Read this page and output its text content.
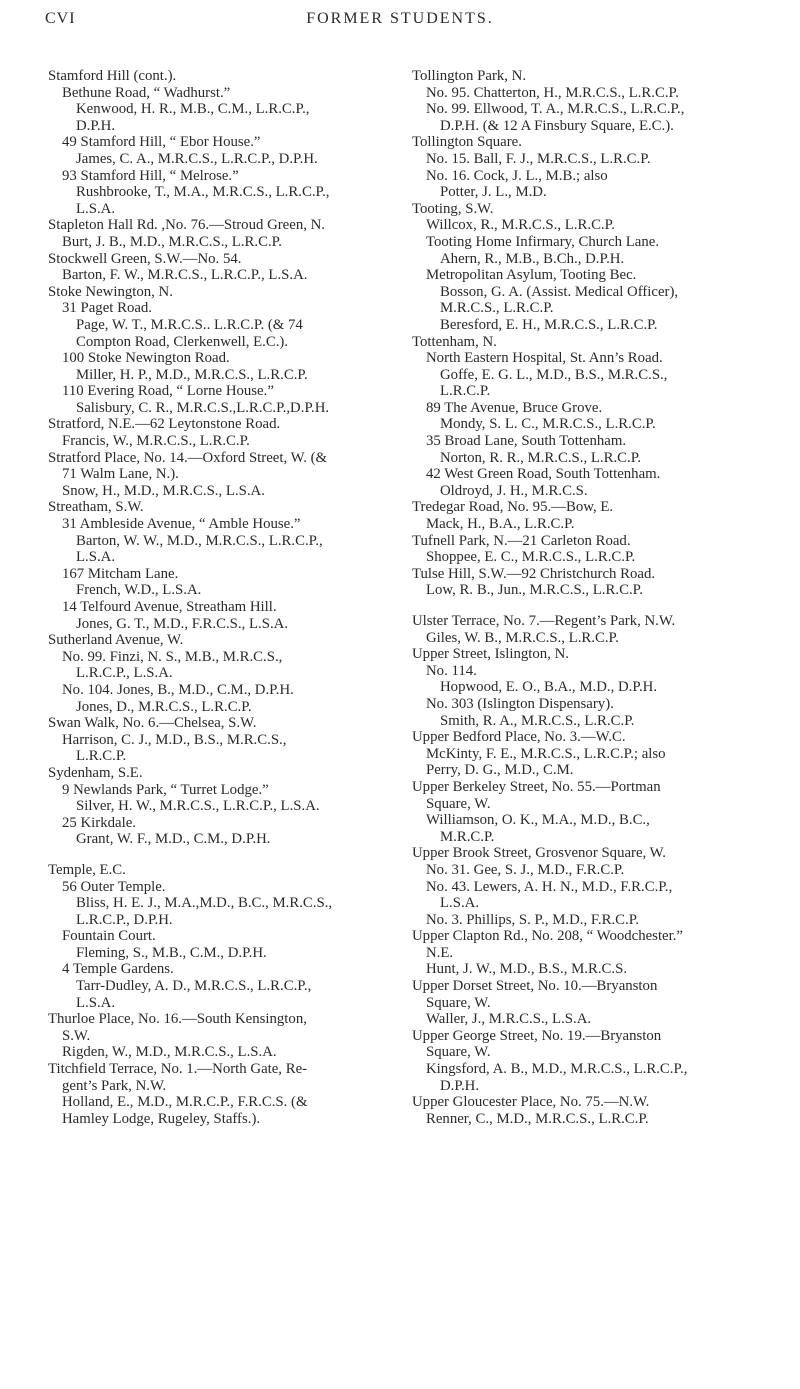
FORMER STUDENTS.
CVI
Stamford Hill (cont.).
Bethune Road, “ Wadhurst.”
Kenwood, H. R., M.B., C.M., L.R.C.P.,
D.P.H.
49 Stamford Hill, “ Ebor House.”
James, C. A., M.R.C.S., L.R.C.P., D.P.H.
93 Stamford Hill, “ Melrose.”
Rushbrooke, T., M.A., M.R.C.S., L.R.C.P.,
L.S.A.
Stapleton Hall Rd. ,No. 76.—Stroud Green, N.
Burt, J. B., M.D., M.R.C.S., L.R.C.P.
Stockwell Green, S.W.—No. 54.
Barton, F. W., M.R.C.S., L.R.C.P., L.S.A.
Stoke Newington, N.
31 Paget Road.
Page, W. T., M.R.C.S.. L.R.C.P. (& 74
Compton Road, Clerkenwell, E.C.).
100 Stoke Newington Road.
Miller, H. P., M.D., M.R.C.S., L.R.C.P.
110 Evering Road, “ Lorne House.”
Salisbury, C. R., M.R.C.S.,L.R.C.P.,D.P.H.
Stratford, N.E.—62 Leytonstone Road.
Francis, W., M.R.C.S., L.R.C.P.
Stratford Place, No. 14.—Oxford Street, W. (&
71 Walm Lane, N.).
Snow, H., M.D., M.R.C.S., L.S.A.
Streatham, S.W.
31 Ambleside Avenue, “ Amble House.”
Barton, W. W., M.D., M.R.C.S., L.R.C.P.,
L.S.A.
167 Mitcham Lane.
French, W.D., L.S.A.
14 Telfourd Avenue, Streatham Hill.
Jones, G. T., M.D., F.R.C.S., L.S.A.
Sutherland Avenue, W.
No. 99. Finzi, N. S., M.B., M.R.C.S.,
L.R.C.P., L.S.A.
No. 104. Jones, B., M.D., C.M., D.P.H.
Jones, D., M.R.C.S., L.R.C.P.
Swan Walk, No. 6.—Chelsea, S.W.
Harrison, C. J., M.D., B.S., M.R.C.S.,
L.R.C.P.
Sydenham, S.E.
9 Newlands Park, “ Turret Lodge.”
Silver, H. W., M.R.C.S., L.R.C.P., L.S.A.
25 Kirkdale.
Grant, W. F., M.D., C.M., D.P.H.
Temple, E.C.
56 Outer Temple.
Bliss, H. E. J., M.A.,M.D., B.C., M.R.C.S.,
L.R.C.P., D.P.H.
Fountain Court.
Fleming, S., M.B., C.M., D.P.H.
4 Temple Gardens.
Tarr-Dudley, A. D., M.R.C.S., L.R.C.P.,
L.S.A.
Thurloe Place, No. 16.—South Kensington,
S.W.
Rigden, W., M.D., M.R.C.S., L.S.A.
Titchfield Terrace, No. 1.—North Gate, Re-
gent’s Park, N.W.
Holland, E., M.D., M.R.C.P., F.R.C.S. (&
Hamley Lodge, Rugeley, Staffs.).
Tollington Park, N.
No. 95. Chatterton, H., M.R.C.S., L.R.C.P.
No. 99. Ellwood, T. A., M.R.C.S., L.R.C.P.,
D.P.H. (& 12 A Finsbury Square, E.C.).
Tollington Square.
No. 15. Ball, F. J., M.R.C.S., L.R.C.P.
No. 16. Cock, J. L., M.B.; also
Potter, J. L., M.D.
Tooting, S.W.
Willcox, R., M.R.C.S., L.R.C.P.
Tooting Home Infirmary, Church Lane.
Ahern, R., M.B., B.Ch., D.P.H.
Metropolitan Asylum, Tooting Bec.
Bosson, G. A. (Assist. Medical Officer),
M.R.C.S., L.R.C.P.
Beresford, E. H., M.R.C.S., L.R.C.P.
Tottenham, N.
North Eastern Hospital, St. Ann’s Road.
Goffe, E. G. L., M.D., B.S., M.R.C.S.,
L.R.C.P.
89 The Avenue, Bruce Grove.
Mondy, S. L. C., M.R.C.S., L.R.C.P.
35 Broad Lane, South Tottenham.
Norton, R. R., M.R.C.S., L.R.C.P.
42 West Green Road, South Tottenham.
Oldroyd, J. H., M.R.C.S.
Tredegar Road, No. 95.—Bow, E.
Mack, H., B.A., L.R.C.P.
Tufnell Park, N.—21 Carleton Road.
Shoppee, E. C., M.R.C.S., L.R.C.P.
Tulse Hill, S.W.—92 Christchurch Road.
Low, R. B., Jun., M.R.C.S., L.R.C.P.
Ulster Terrace, No. 7.—Regent’s Park, N.W.
Giles, W. B., M.R.C.S., L.R.C.P.
Upper Street, Islington, N.
No. 114.
Hopwood, E. O., B.A., M.D., D.P.H.
No. 303 (Islington Dispensary).
Smith, R. A., M.R.C.S., L.R.C.P.
Upper Bedford Place, No. 3.—W.C.
McKinty, F. E., M.R.C.S., L.R.C.P.; also
Perry, D. G., M.D., C.M.
Upper Berkeley Street, No. 55.—Portman
Square, W.
Williamson, O. K., M.A., M.D., B.C.,
M.R.C.P.
Upper Brook Street, Grosvenor Square, W.
No. 31. Gee, S. J., M.D., F.R.C.P.
No. 43. Lewers, A. H. N., M.D., F.R.C.P.,
L.S.A.
No. 3. Phillips, S. P., M.D., F.R.C.P.
Upper Clapton Rd., No. 208, “ Woodchester.”
N.E.
Hunt, J. W., M.D., B.S., M.R.C.S.
Upper Dorset Street, No. 10.—Bryanston
Square, W.
Waller, J., M.R.C.S., L.S.A.
Upper George Street, No. 19.—Bryanston
Square, W.
Kingsford, A. B., M.D., M.R.C.S., L.R.C.P.,
D.P.H.
Upper Gloucester Place, No. 75.—N.W.
Renner, C., M.D., M.R.C.S., L.R.C.P.
